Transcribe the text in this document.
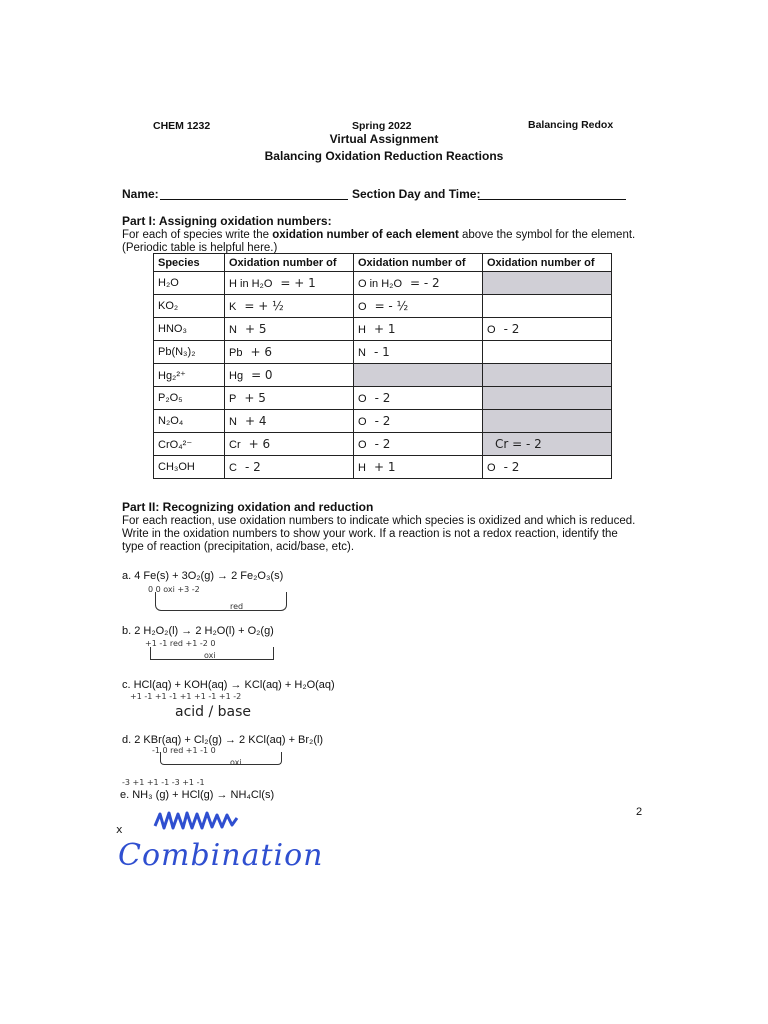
CHEM 1232	Spring 2022	Balancing Redox
Virtual Assignment
Balancing Oxidation Reduction Reactions
Name:	Section Day and Time:
Part I: Assigning oxidation numbers:
For each of species write the oxidation number of each element above the symbol for the element.
(Periodic table is helpful here.)
Species	Oxidation number of	Oxidation number of	Oxidation number of
H₂O	H in H₂O = + 1	O in H₂O = - 2	
KO₂	K = + ½	O = - ½	
HNO₃	N + 5	H + 1	O - 2
Pb(N₃)₂	Pb + 6	N - 1	
Hg₂²⁺	Hg = 0		
P₂O₅	P + 5	O - 2	
N₂O₄	N + 4	O - 2	
CrO₄²⁻	Cr + 6	O - 2	Cr = - 2
CH₃OH	C - 2	H + 1	O - 2
Part II: Recognizing oxidation and reduction
For each reaction, use oxidation numbers to indicate which species is oxidized and which is reduced.
Write in the oxidation numbers to show your work. If a reaction is not a redox reaction, identify the
type of reaction (precipitation, acid/base, etc).
a. 4 Fe(s) + 3O₂(g) → 2 Fe₂O₃(s)
0 0 oxi +3 -2
red
b. 2 H₂O₂(l) → 2 H₂O(l) + O₂(g)
+1 -1 red +1 -2 0
oxi
c. HCl(aq) + KOH(aq) → KCl(aq) + H₂O(aq)
+1 -1 +1 -1 +1 +1 -1 +1 -2
acid / base
d. 2 KBr(aq) + Cl₂(g) → 2 KCl(aq) + Br₂(l)
-1 0 red +1 -1 0
oxi
-3 +1 +1 -1 -3 +1 -1
e. NH₃ (g) + HCl(g) → NH₄Cl(s)
2
x
Combination
